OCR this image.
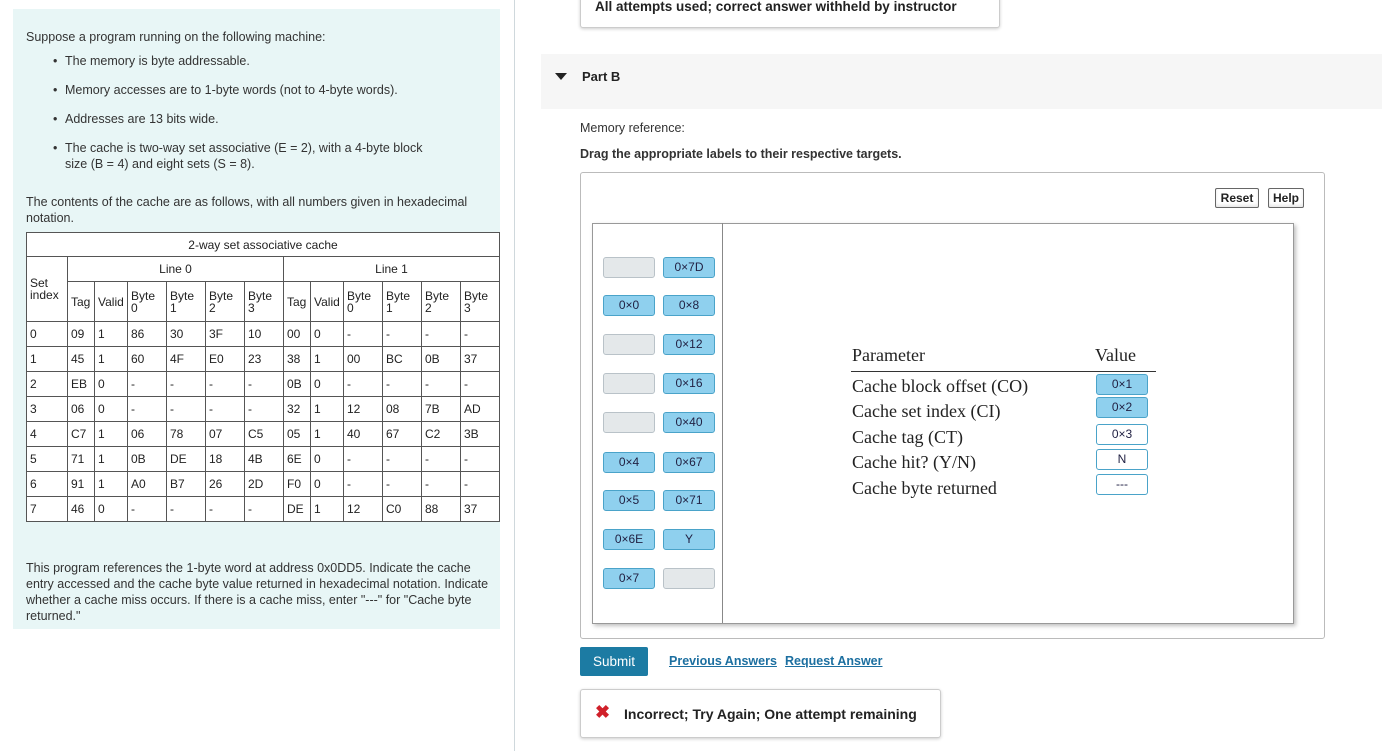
Suppose a program running on the following machine:
• The memory is byte addressable.
• Memory accesses are to 1-byte words (not to 4-byte words).
• Addresses are 13 bits wide.
• The cache is two-way set associative (E = 2), with a 4-byte block size (B = 4) and eight sets (S = 8).
The contents of the cache are as follows, with all numbers given in hexadecimal notation.
2-way set associative cache												
Set index	Line 0						Line 1					
	Tag	Valid	Byte 0	Byte 1	Byte 2	Byte 3	Tag	Valid	Byte 0	Byte 1	Byte 2	Byte 3
0	09	1	86	30	3F	10	00	0	-	-	-	-
1	45	1	60	4F	E0	23	38	1	00	BC	0B	37
2	EB	0	-	-	-	-	0B	0	-	-	-	-
3	06	0	-	-	-	-	32	1	12	08	7B	AD
4	C7	1	06	78	07	C5	05	1	40	67	C2	3B
5	71	1	0B	DE	18	4B	6E	0	-	-	-	-
6	91	1	A0	B7	26	2D	F0	0	-	-	-	-
7	46	0	-	-	-	-	DE	1	12	C0	88	37
This program references the 1-byte word at address 0x0DD5. Indicate the cache entry accessed and the cache byte value returned in hexadecimal notation. Indicate whether a cache miss occurs. If there is a cache miss, enter "---" for "Cache byte returned."
All attempts used; correct answer withheld by instructor
Part B
Memory reference:
Drag the appropriate labels to their respective targets.
Reset	Help
0×0
0×4
0×5
0×6E
0×7
0×7D
0×8
0×12
0×16
0×40
0×67
0×71
Y
Parameter	Value
Cache block offset (CO)	0×1
Cache set index (CI)	0×2
Cache tag (CT)	0×3
Cache hit? (Y/N)	N
Cache byte returned	---
Submit	Previous Answers Request Answer
✖ Incorrect; Try Again; One attempt remaining
